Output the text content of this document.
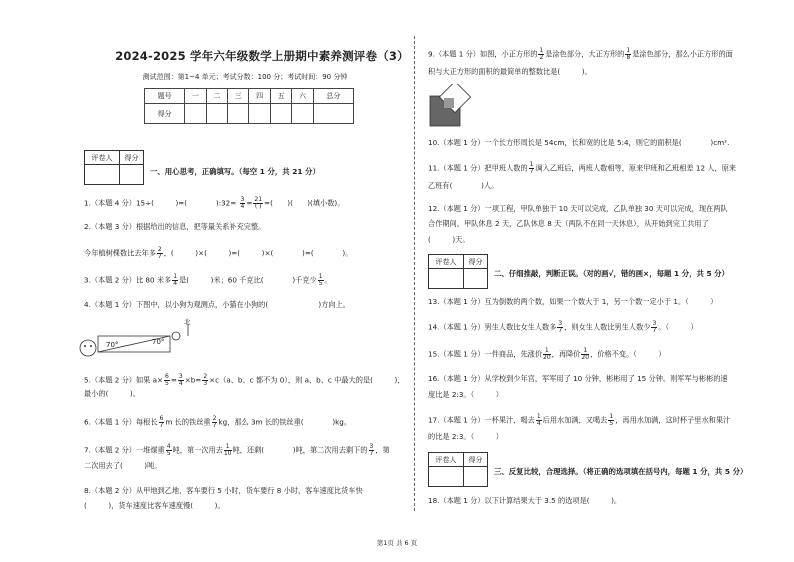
2024-2025 学年六年级数学上册期中素养测评卷（3）
测试范围：第1~4 单元；考试分数：100 分；考试时间：90 分钟
题号	一	二	三	四	五	六	总分
得分							
评卷人	得分

一、用心思考，正确填写。（每空 1 分，共 21 分）
1.（本题 4 分）15÷(　　　)=(　　　　):32= $\frac{3}{4} = \frac{21}{( )}$ =(　　)(　　)(填小数)。
2.（本题 3 分）根据给出的信息，把等量关系补充完整。
今年植树棵数比去年多 $\frac{2}{7}$ ，(　　　)×(　　　)=(　　　)×(　　　　)=(　　　　)。
3.（本题 2 分）比 80 米多 $\frac{1}{4}$ 是(　　　)米；60 千克比(　　　　)千克少 $\frac{1}{5}$ 。
4.（本题 1 分）下图中，以小狗为观测点，小猫在小狗的(　　　　　　　)方向上。
70°	70°
北
5.（本题 2 分）如果 $a\times \frac{6}{5} = \frac{3}{4} \times b= \frac{2}{3} \times c(a$、b、c 都不为 0），则 a、b、c 中最大的是(　　　)，
最小的(　　　)。
6.（本题 1 分）每根长 $\frac{6}{7}$ m 长的铁丝重 $\frac{2}{7}$ kg，那么 3m 长的铁丝重(　　　　)kg。
7.（本题 2 分）一堆煤重 $\frac{4}{5}$ 吨，第一次用去 $\frac{1}{10}$ 吨，还剩(　　　　)吨，第二次用去剩下的 $\frac{3}{7}$ ，第
二次用去了(　　　)吨。
8.（本题 2 分）从甲地到乙地，客车要行 5 小时，货车要行 8 小时，客车速度比货车快
(　　　)，货车速度比客车速度慢(　　　)。
9.（本题 1 分）如图，小正方形的 $\frac{1}{2}$ 是涂色部分，大正方形的 $\frac{1}{8}$ 是涂色部分，那么小正方形的面
积与大正方形的面积的最简单的整数比是(　　　)。
10.（本题 1 分）一个长方形周长是 54cm，长和宽的比是 5:4，则它的面积是(　　　　)cm².
11.（本题 1 分）把甲班人数的 $\frac{1}{7}$ 调入乙班后，两班人数相等，原来甲班和乙班相差 12 人，原来
乙班有(　　　　)人。
12.（本题 1 分）一项工程，甲队单独干 10 天可以完成，乙队单独 30 天可以完成，现在两队
合作期间，甲队休息 2 天，乙队休息 8 天（两队不在同一天休息），从开始到完工共用了
(　　　)天。
评卷人	得分

二、仔细推敲，判断正误。（对的画√，错的画×，每题 1 分，共 5 分）
13.（本题 1 分）互为倒数的两个数，如果一个数大于 1，另一个数一定小于 1。（　　　）
14.（本题 1 分）男生人数比女生人数多 $\frac{3}{7}$ ，则女生人数比男生人数少 $\frac{3}{7}$ 。（　　　）
15.（本题 1 分）一件商品，先涨价 $\frac{1}{20}$ ，再降价 $\frac{1}{20}$ ，价格不变。（　　　）
16.（本题 1 分）从学校到少年宫，军军用了 10 分钟，彬彬用了 15 分钟。则军军与彬彬的速
度比是 2:3。（　　　）
17.（本题 1 分）一杯果汁，喝去 $\frac{1}{4}$ 后用水加满，又喝去 $\frac{1}{5}$ ，再用水加满，这时杯子里水和果汁
的比是 2:3。（　　　）
评卷人	得分

三、反复比较，合理选择。（将正确的选项填在括号内，每题 1 分，共 5 分）
18.（本题 1 分）以下计算结果大于 3.5 的选项是(　　　)。
第1页 共 6 页
